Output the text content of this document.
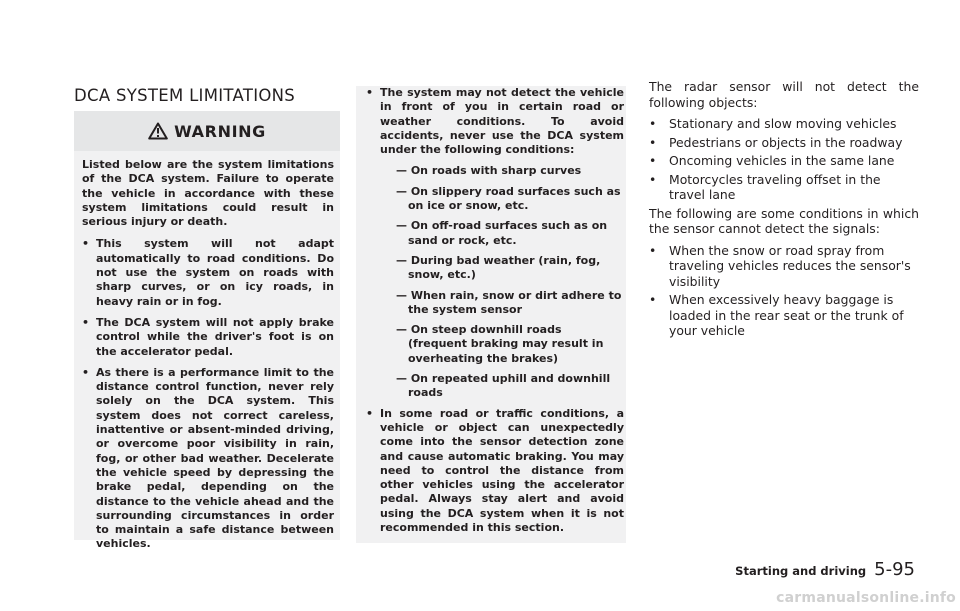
DCA SYSTEM LIMITATIONS
WARNING

Listed below are the system limitations of the DCA system. Failure to operate the vehicle in accordance with these system limitations could result in serious injury or death.

• This system will not adapt automatically to road conditions. Do not use the system on roads with sharp curves, or on icy roads, in heavy rain or in fog.
• The DCA system will not apply brake control while the driver's foot is on the accelerator pedal.
• As there is a performance limit to the distance control function, never rely solely on the DCA system. This system does not correct careless, inattentive or absent-minded driving, or overcome poor visibility in rain, fog, or other bad weather. Decelerate the vehicle speed by depressing the brake pedal, depending on the distance to the vehicle ahead and the surrounding circumstances in order to maintain a safe distance between vehicles.
• The system may not detect the vehicle in front of you in certain road or weather conditions. To avoid accidents, never use the DCA system under the following conditions:
— On roads with sharp curves
— On slippery road surfaces such as on ice or snow, etc.
— On off-road surfaces such as on sand or rock, etc.
— During bad weather (rain, fog, snow, etc.)
— When rain, snow or dirt adhere to the system sensor
— On steep downhill roads (frequent braking may result in overheating the brakes)
— On repeated uphill and downhill roads
• In some road or traffic conditions, a vehicle or object can unexpectedly come into the sensor detection zone and cause automatic braking. You may need to control the distance from other vehicles using the accelerator pedal. Always stay alert and avoid using the DCA system when it is not recommended in this section.

The radar sensor will not detect the following objects:

• Stationary and slow moving vehicles
• Pedestrians or objects in the roadway
• Oncoming vehicles in the same lane
• Motorcycles traveling offset in the travel lane

The following are some conditions in which the sensor cannot detect the signals:

• When the snow or road spray from traveling vehicles reduces the sensor's visibility
• When excessively heavy baggage is loaded in the rear seat or the trunk of your vehicle
Starting and driving 5-95
carmanualsonline.info
